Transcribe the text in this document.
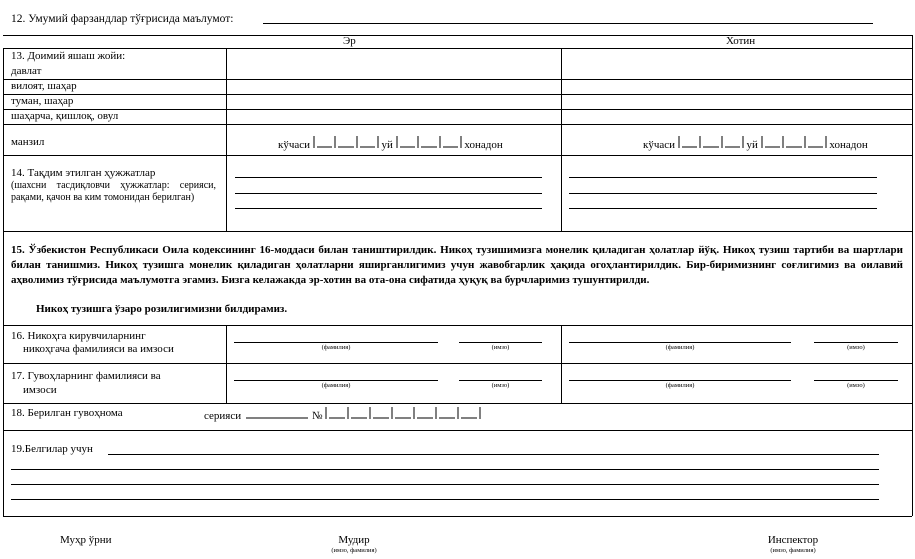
12. Умумий фарзандлар тўғрисида маълумот:
Эр	Хотин
13. Доимий яшаш жойи:
давлат
вилоят, шаҳар
туман, шаҳар
шаҳарча, қишлоқ, овул
манзил	кўчаси	уй	хонадон	кўчаси	уй	хонадон
14. Тақдим этилган ҳужжатлар
(шахсни тасдиқловчи ҳужжатлар: серияси, рақами, қачон ва ким томонидан берилган)
15. Ўзбекистон Республикаси Оила кодексининг 16-моддаси билан таништирилдик. Никоҳ тузишимизга монелик қиладиган ҳолатлар йўқ. Никоҳ тузиш тартиби ва шартлари билан танишмиз. Никоҳ тузишга монелик қиладиган ҳолатларни яширганлигимиз учун жавобгарлик ҳақида огоҳлантирилдик. Бир-биримизнинг соғлигимиз ва оилавий аҳволимиз тўғрисида маълумотга эгамиз. Бизга келажакда эр-хотин ва ота-она сифатида ҳуқуқ ва бурчларимиз тушунтирилди.
Никоҳ тузишга ўзаро розилигимизни билдирамиз.
16. Никоҳга кирувчиларнинг
никоҳгача фамилияси ва имзоси	(фамилия)	(имзо)	(фамилия)	(имзо)
17. Гувоҳларнинг фамилияси ва
имзоси	(фамилия)	(имзо)	(фамилия)	(имзо)
18. Берилган гувоҳнома	серияси	№
19.Белгилар учун
Муҳр ўрни	Мудир
(имзо, фамилия)
Инспектор
(имзо, фамилия)
